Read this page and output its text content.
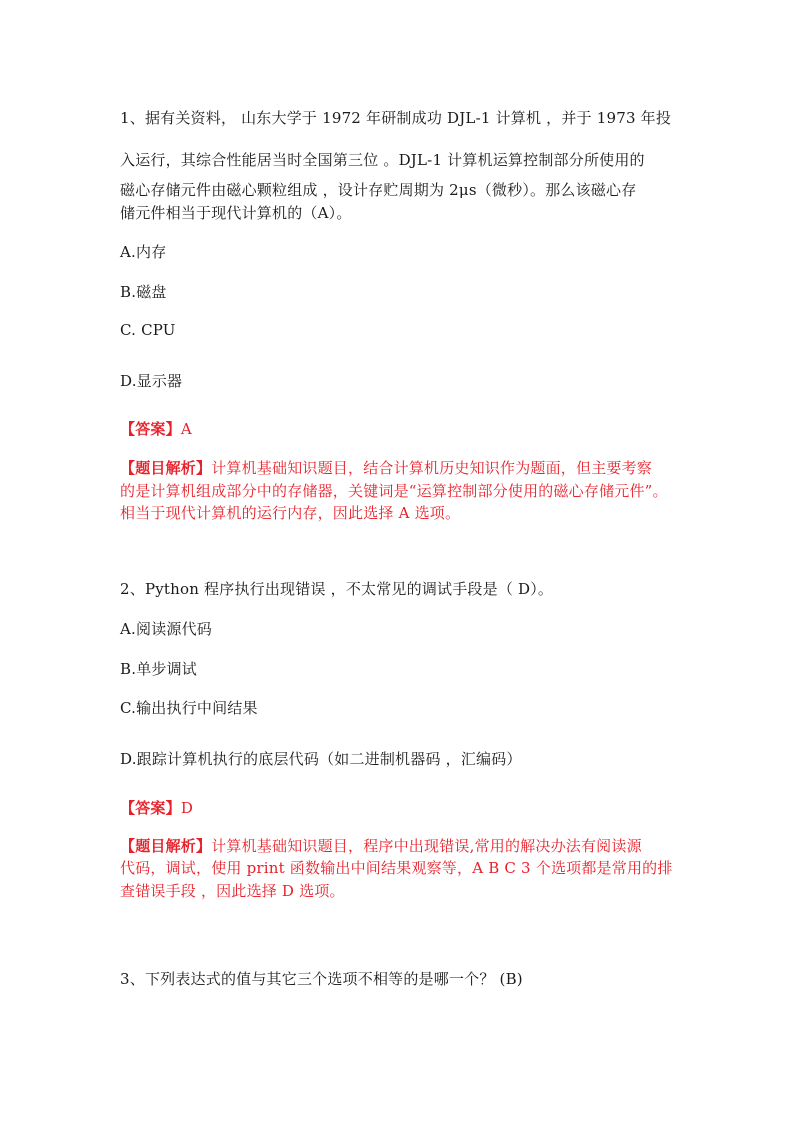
1、据有关资料， 山东大学于 1972 年研制成功 DJL-1 计算机 ，并于 1973 年投
入运行，其综合性能居当时全国第三位 。DJL-1 计算机运算控制部分所使用的
磁心存储元件由磁心颗粒组成 ，设计存贮周期为 2μs（微秒）。那么该磁心存
储元件相当于现代计算机的（A）。
A.内存
B.磁盘
C. CPU
D.显示器
【答案】A
【题目解析】计算机基础知识题目，结合计算机历史知识作为题面，但主要考察
的是计算机组成部分中的存储器，关键词是“运算控制部分使用的磁心存储元件”。
相当于现代计算机的运行内存，因此选择 A 选项。
2、Python 程序执行出现错误 ，不太常见的调试手段是（ D）。
A.阅读源代码
B.单步调试
C.输出执行中间结果
D.跟踪计算机执行的底层代码（如二进制机器码 ，汇编码）
【答案】D
【题目解析】计算机基础知识题目，程序中出现错误,常用的解决办法有阅读源
代码，调试，使用 print 函数输出中间结果观察等，A B C 3 个选项都是常用的排
查错误手段 ，因此选择 D 选项。
3、下列表达式的值与其它三个选项不相等的是哪一个？ (B)
